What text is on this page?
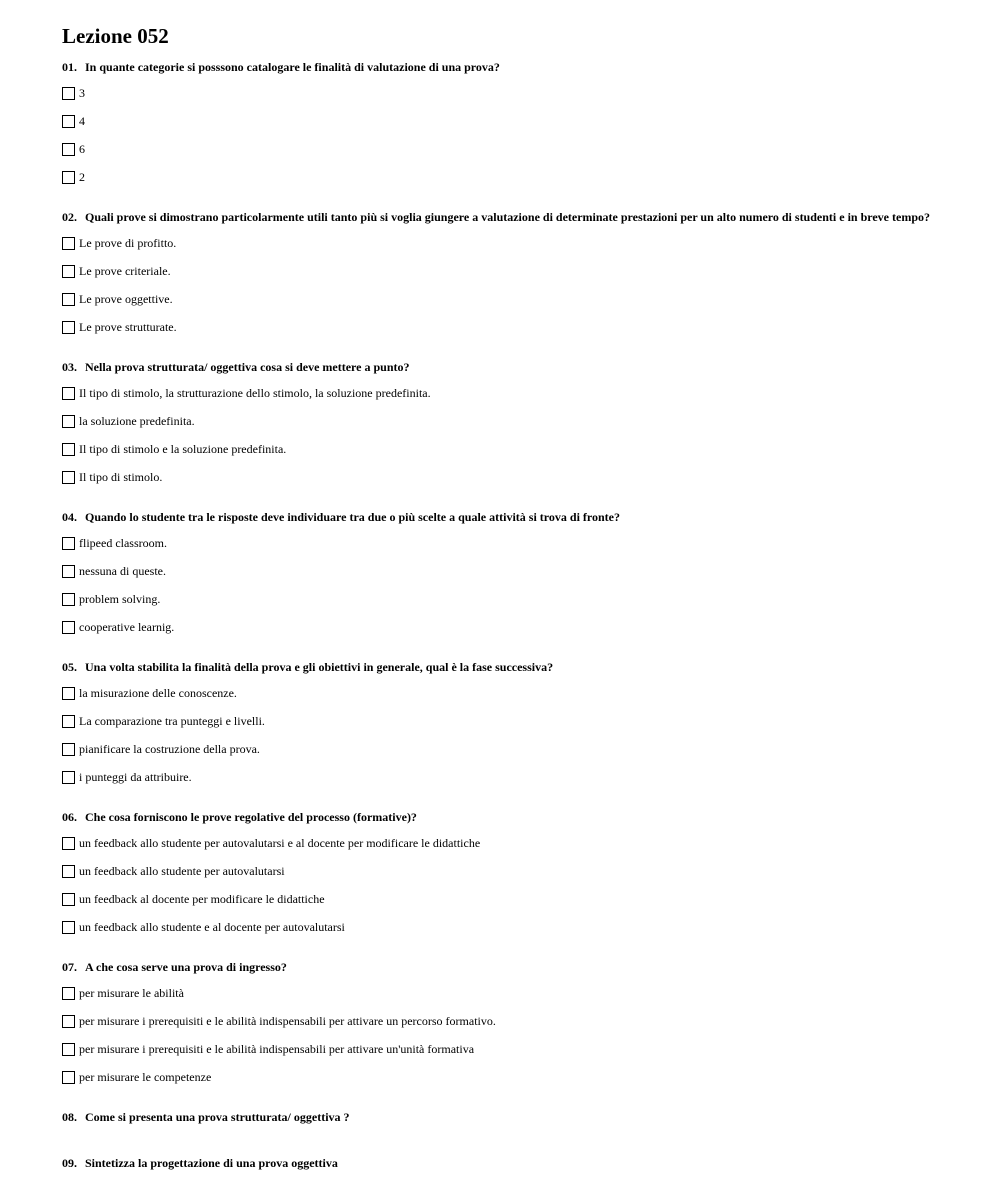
Lezione 052

01. In quante categorie si posssono catalogare le finalità di valutazione di una prova?

3
4
6
2

02. Quali prove si dimostrano particolarmente utili tanto più si voglia giungere a valutazione di determinate prestazioni per un alto numero di studenti e in breve tempo?

Le prove di profitto.
Le prove criteriale.
Le prove oggettive.
Le prove strutturate.

03. Nella prova strutturata/ oggettiva cosa si deve mettere a punto?

Il tipo di stimolo, la strutturazione dello stimolo, la soluzione predefinita.
la soluzione predefinita.
Il tipo di stimolo e la soluzione predefinita.
Il tipo di stimolo.

04. Quando lo studente tra le risposte deve individuare tra due o più scelte a quale attività si trova di fronte?

flipeed classroom.
nessuna di queste.
problem solving.
cooperative learnig.

05. Una volta stabilita la finalità della prova e gli obiettivi in generale, qual è la fase successiva?

la misurazione delle conoscenze.
La comparazione tra punteggi e livelli.
pianificare la costruzione della prova.
i punteggi da attribuire.

06. Che cosa forniscono le prove regolative del processo (formative)?

un feedback allo studente per autovalutarsi e al docente per modificare le didattiche
un feedback allo studente per autovalutarsi
un feedback al docente per modificare le didattiche
un feedback allo studente e al docente per autovalutarsi

07. A che cosa serve una prova di ingresso?

per misurare le abilità
per misurare i prerequisiti e le abilità indispensabili per attivare un percorso formativo.
per misurare i prerequisiti e le abilità indispensabili per attivare un'unità formativa
per misurare le competenze

08. Come si presenta una prova strutturata/ oggettiva ?

09. Sintetizza la progettazione di una prova oggettiva
